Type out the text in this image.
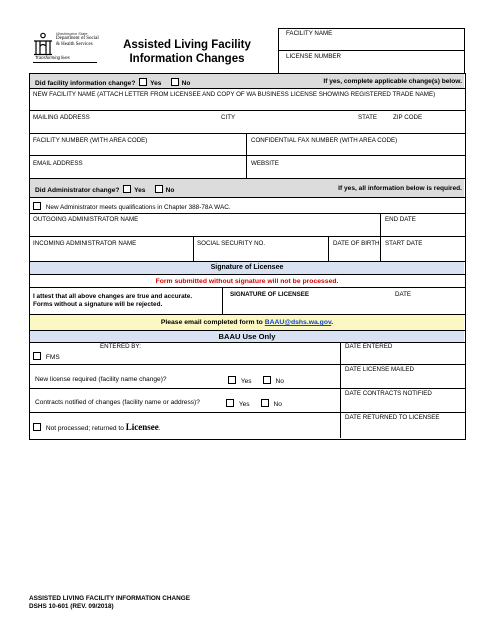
Washington State
Department of Social
& Health Services
Transforming lives
Assisted Living Facility
Information Changes
FACILITY NAME
LICENSE NUMBER
Did facility information change? Yes	No	If yes, complete applicable change(s) below.
NEW FACILITY NAME (ATTACH LETTER FROM LICENSEE AND COPY OF WA BUSINESS LICENSE SHOWING REGISTERED TRADE NAME)
MAILING ADDRESS	CITY	STATE	ZIP CODE
FACILITY NUMBER (WITH AREA CODE)	CONFIDENTIAL FAX NUMBER (WITH AREA CODE)
EMAIL ADDRESS	WEBSITE
Did Administrator change? Yes	No	If yes, all information below is required.
New Administrator meets qualifications in Chapter 388-78A WAC.
OUTGOING ADMINISTRATOR NAME	END DATE
INCOMING ADMINISTRATOR NAME	SOCIAL SECURITY NO.	DATE OF BIRTH START DATE
Signature of Licensee
Form submitted without signature will not be processed.
I attest that all above changes are true and accurate.
Forms without a signature will be rejected.
SIGNATURE OF LICENSEE	DATE
Please email completed form to BAAU@dshs.wa.gov.
BAAU Use Only
ENTERED BY:	DATE ENTERED
FMS
New license required (facility name change)?	Yes	No
DATE LICENSE MAILED
Contracts notified of changes (facility name or address)?	Yes	No
DATE CONTRACTS NOTIFIED
Not processed; returned to Licensee.
DATE RETURNED TO LICENSEE
ASSISTED LIVING FACILITY INFORMATION CHANGE
DSHS 10-601 (REV. 09/2018)
